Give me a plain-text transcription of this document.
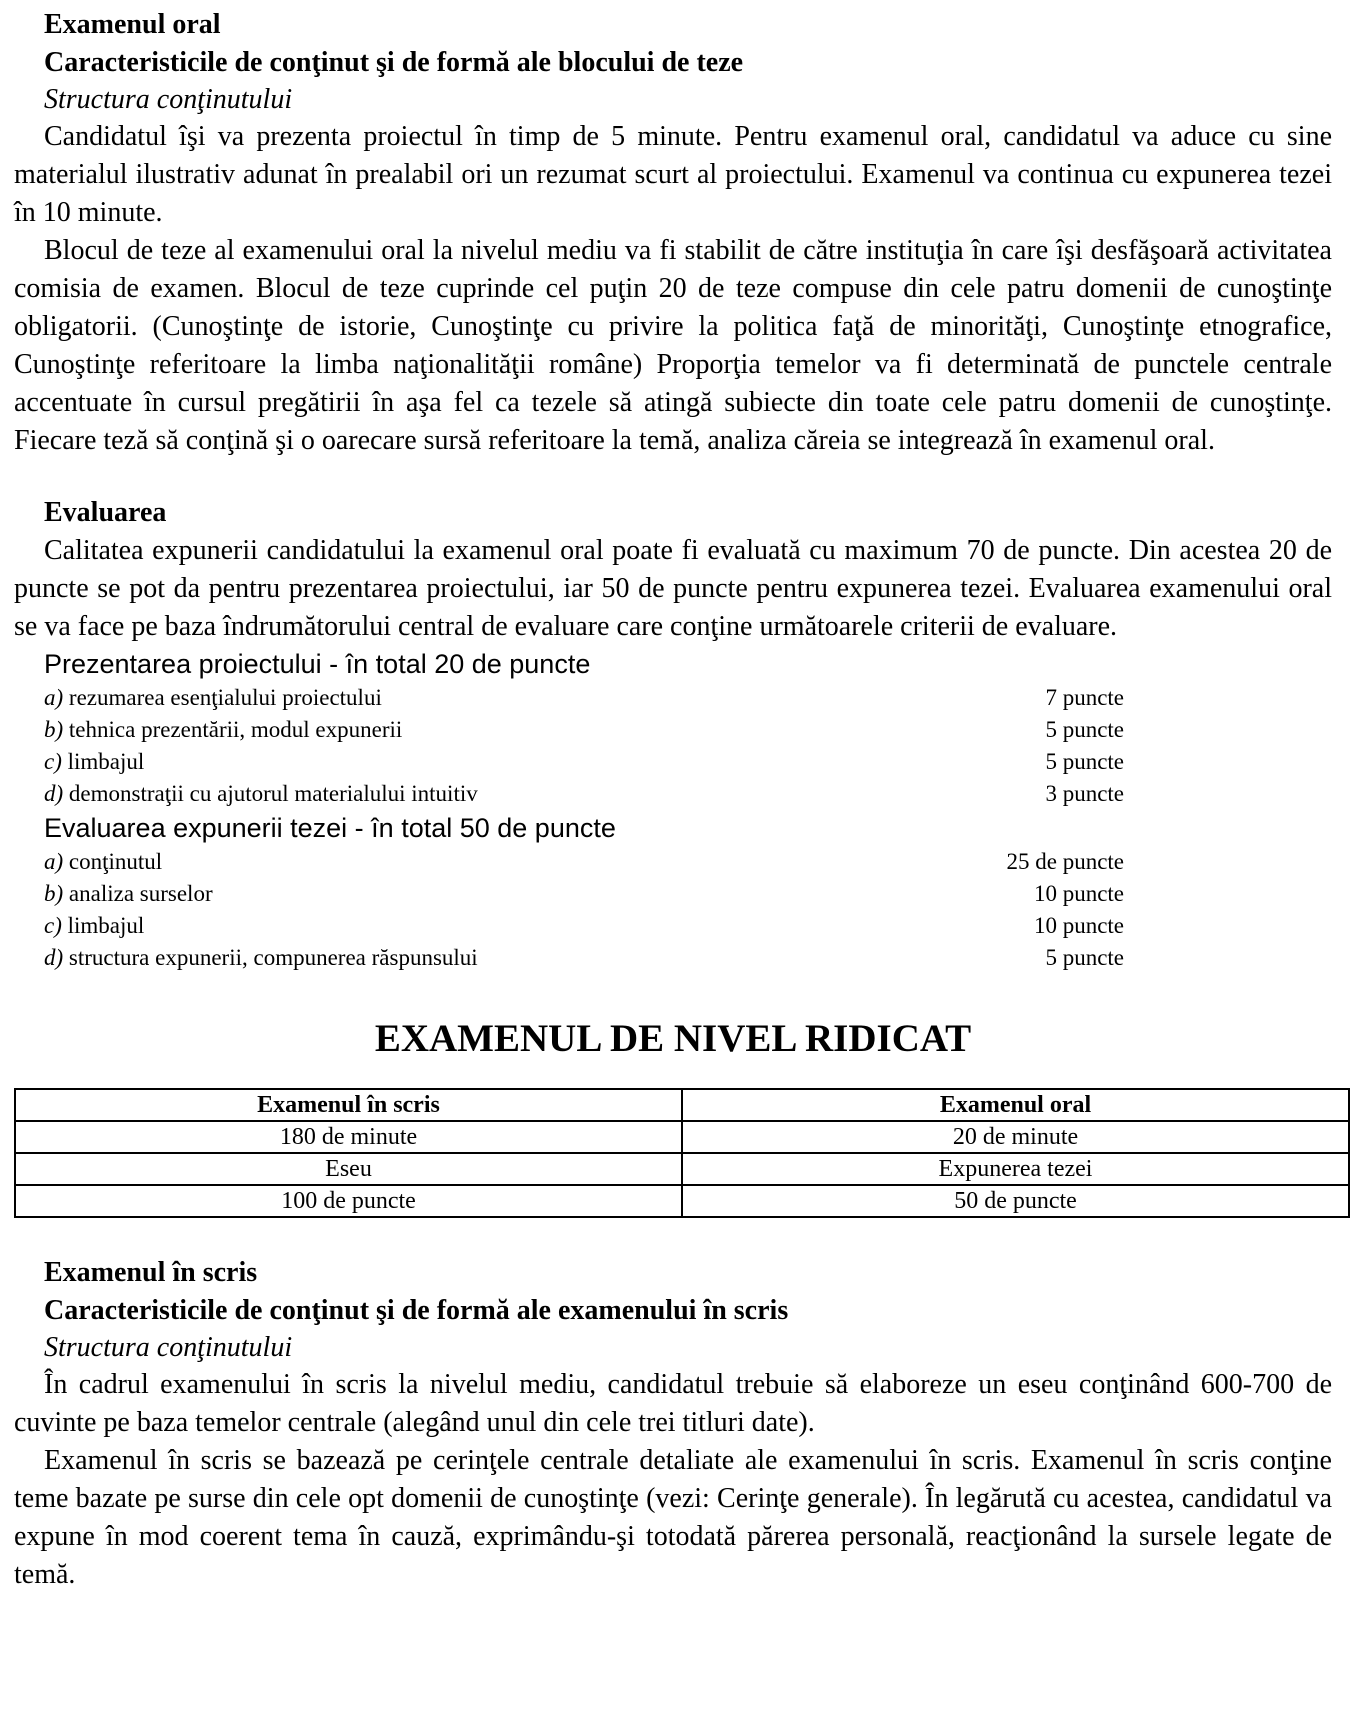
Examenul oral
Caracteristicile de conţinut şi de formă ale blocului de teze
Structura conţinutului

Candidatul îşi va prezenta proiectul în timp de 5 minute. Pentru examenul oral, candidatul va aduce cu sine materialul ilustrativ adunat în prealabil ori un rezumat scurt al proiectului. Examenul va continua cu expunerea tezei în 10 minute.

Blocul de teze al examenului oral la nivelul mediu va fi stabilit de către instituţia în care îşi desfăşoară activitatea comisia de examen. Blocul de teze cuprinde cel puţin 20 de teze compuse din cele patru domenii de cunoştinţe obligatorii. (Cunoştinţe de istorie, Cunoştinţe cu privire la politica faţă de minorităţi, Cunoştinţe etnografice, Cunoştinţe referitoare la limba naţionalităţii române) Proporţia temelor va fi determinată de punctele centrale accentuate în cursul pregătirii în aşa fel ca tezele să atingă subiecte din toate cele patru domenii de cunoştinţe. Fiecare teză să conţină şi o oarecare sursă referitoare la temă, analiza căreia se integrează în examenul oral.

Evaluarea

Calitatea expunerii candidatului la examenul oral poate fi evaluată cu maximum 70 de puncte. Din acestea 20 de puncte se pot da pentru prezentarea proiectului, iar 50 de puncte pentru expunerea tezei. Evaluarea examenului oral se va face pe baza îndrumătorului central de evaluare care conţine următoarele criterii de evaluare.

Prezentarea proiectului - în total 20 de puncte
a) rezumarea esenţialului proiectului	7 puncte
b) tehnica prezentării, modul expunerii	5 puncte
c) limbajul	5 puncte
d) demonstraţii cu ajutorul materialului intuitiv	3 puncte
Evaluarea expunerii tezei - în total 50 de puncte
a) conţinutul	25 de puncte
b) analiza surselor	10 puncte
c) limbajul	10 puncte
d) structura expunerii, compunerea răspunsului	5 puncte
EXAMENUL DE NIVEL RIDICAT
Examenul în scris	Examenul oral
180 de minute	20 de minute
Eseu	Expunerea tezei
100 de puncte	50 de puncte
Examenul în scris
Caracteristicile de conţinut şi de formă ale examenului în scris
Structura conţinutului

În cadrul examenului în scris la nivelul mediu, candidatul trebuie să elaboreze un eseu conţinând 600-700 de cuvinte pe baza temelor centrale (alegând unul din cele trei titluri date).

Examenul în scris se bazează pe cerinţele centrale detaliate ale examenului în scris. Examenul în scris conţine teme bazate pe surse din cele opt domenii de cunoştinţe (vezi: Cerinţe generale). În legărută cu acestea, candidatul va expune în mod coerent tema în cauză, exprimându-şi totodată părerea personală, reacţionând la sursele legate de temă.
